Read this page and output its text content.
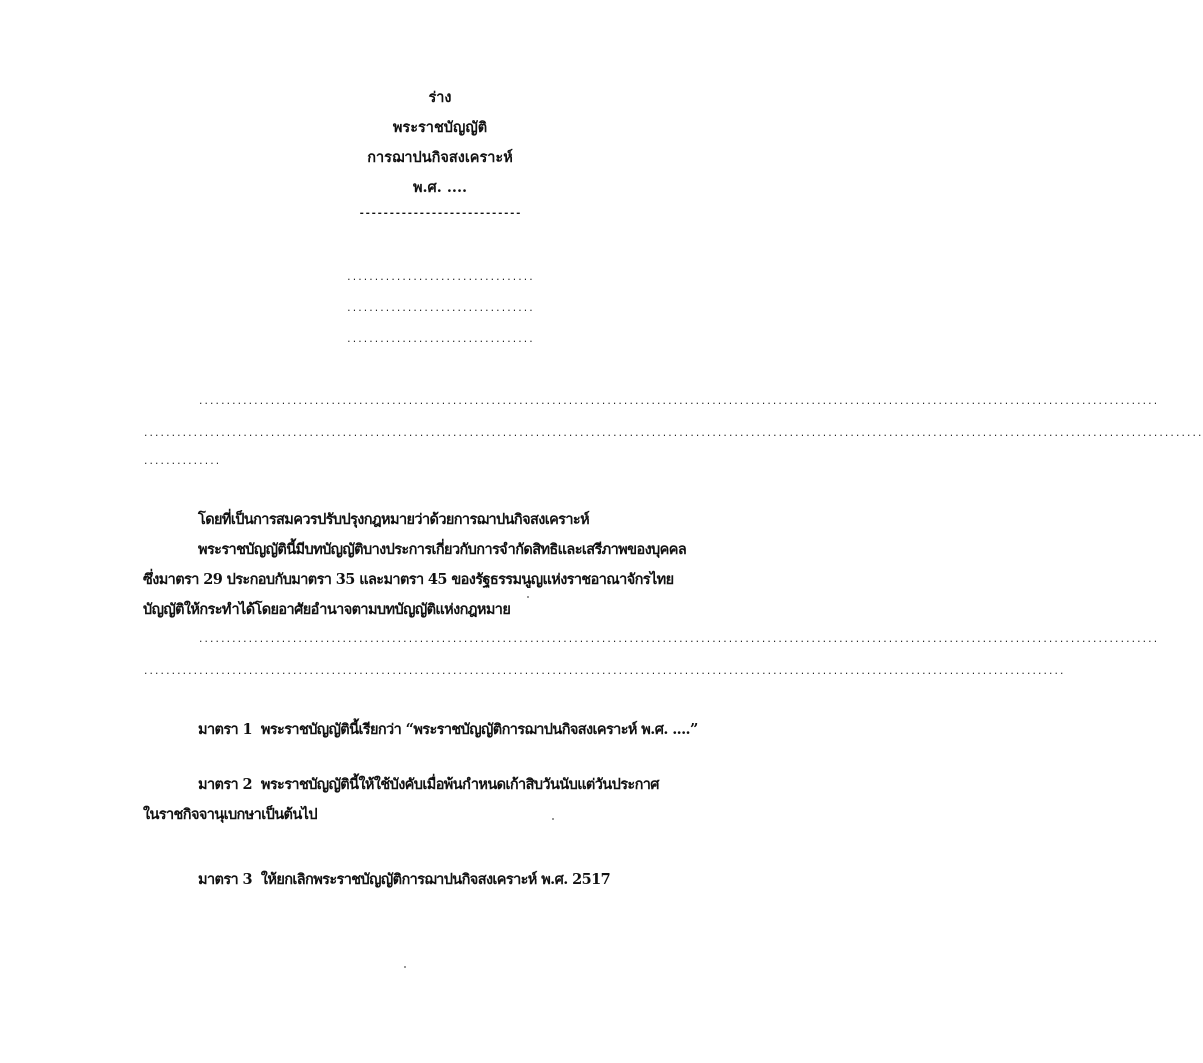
ร่าง
พระราชบัญญัติ
การฌาปนกิจสงเคราะห์
พ.ศ. ....
---------------------------
..................................
..................................
..................................
..............................................................................................................................................................................
................................................................................................................................................................................................
..............
โดยที่เป็นการสมควรปรับปรุงกฎหมายว่าด้วยการฌาปนกิจสงเคราะห์
พระราชบัญญัตินี้มีบทบัญญัติบางประการเกี่ยวกับการจำกัดสิทธิและเสรีภาพของบุคคล
ซึ่งมาตรา 29 ประกอบกับมาตรา 35 และมาตรา 45 ของรัฐธรรมนูญแห่งราชอาณาจักรไทย
บัญญัติให้กระทำได้โดยอาศัยอำนาจตามบทบัญญัติแห่งกฎหมาย
..............................................................................................................................................................................
.......................................................................................................................................................................
มาตรา 1 พระราชบัญญัตินี้เรียกว่า “พระราชบัญญัติการฌาปนกิจสงเคราะห์ พ.ศ. ....”
มาตรา 2 พระราชบัญญัตินี้ให้ใช้บังคับเมื่อพ้นกำหนดเก้าสิบวันนับแต่วันประกาศ
ในราชกิจจานุเบกษาเป็นต้นไป
มาตรา 3 ให้ยกเลิกพระราชบัญญัติการฌาปนกิจสงเคราะห์ พ.ศ. 2517
